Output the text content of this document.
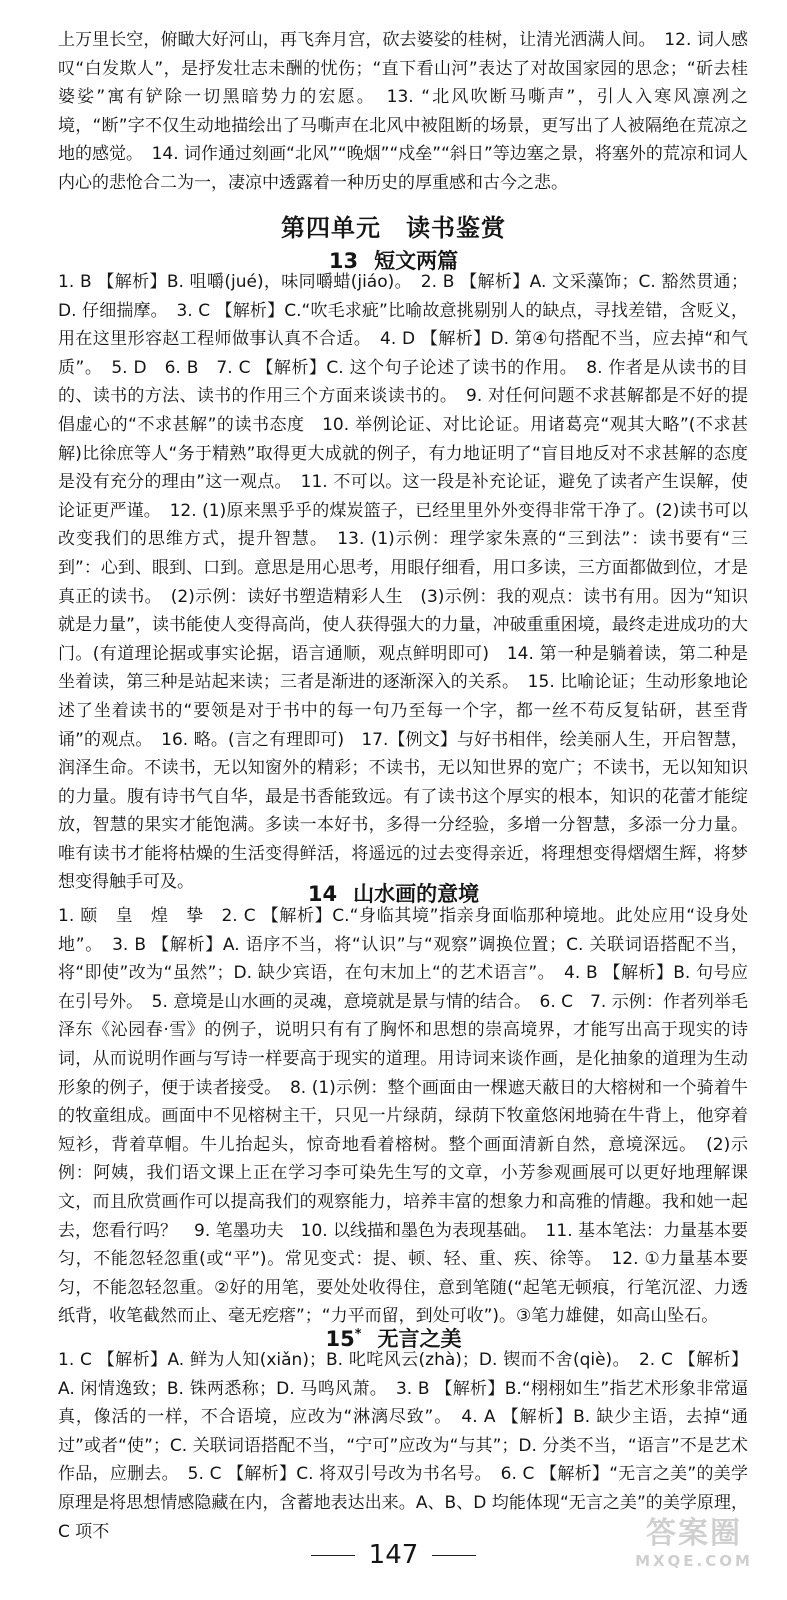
上万里长空，俯瞰大好河山，再飞奔月宫，砍去婆娑的桂树，让清光洒满人间。　12. 词人感叹“白发欺人”，是抒发壮志未酬的忧伤；“直下看山河”表达了对故国家园的思念；“斫去桂婆娑”寓有铲除一切黑暗势力的宏愿。　13. “北风吹断马嘶声”，引人入寒风凛冽之境，“断”字不仅生动地描绘出了马嘶声在北风中被阻断的场景，更写出了人被隔绝在荒凉之地的感觉。　14. 词作通过刻画“北风”“晚烟”“戍垒”“斜日”等边塞之景，将塞外的荒凉和词人内心的悲怆合二为一，凄凉中透露着一种历史的厚重感和古今之悲。
第四单元　读书鉴赏
13 短文两篇
1. B 【解析】B. 咀嚼(jué)，味同嚼蜡(jiáo)。　2. B 【解析】A. 文采藻饰；C. 豁然贯通；D. 仔细揣摩。　3. C 【解析】C.“吹毛求疵”比喻故意挑剔别人的缺点，寻找差错，含贬义，用在这里形容赵工程师做事认真不合适。　4. D 【解析】D. 第④句搭配不当，应去掉“和气质”。　5. D　6. B　7. C 【解析】C. 这个句子论述了读书的作用。　8. 作者是从读书的目的、读书的方法、读书的作用三个方面来谈读书的。　9. 对任何问题不求甚解都是不好的提倡虚心的“不求甚解”的读书态度　10. 举例论证、对比论证。用诸葛亮“观其大略”(不求甚解)比徐庶等人“务于精熟”取得更大成就的例子，有力地证明了“盲目地反对不求甚解的态度是没有充分的理由”这一观点。　11. 不可以。这一段是补充论证，避免了读者产生误解，使论证更严谨。　12. (1)原来黑乎乎的煤炭篮子，已经里里外外变得非常干净了。(2)读书可以改变我们的思维方式，提升智慧。　13. (1)示例：理学家朱熹的“三到法”：读书要有“三到”：心到、眼到、口到。意思是用心思考，用眼仔细看，用口多读，三方面都做到位，才是真正的读书。　(2)示例：读好书塑造精彩人生　(3)示例：我的观点：读书有用。因为“知识就是力量”，读书能使人变得高尚，使人获得强大的力量，冲破重重困境，最终走进成功的大门。(有道理论据或事实论据，语言通顺，观点鲜明即可)　14. 第一种是躺着读，第二种是坐着读，第三种是站起来读；三者是渐进的逐渐深入的关系。　15. 比喻论证；生动形象地论述了坐着读书的“要领是对于书中的每一句乃至每一个字，都一丝不苟反复钻研，甚至背诵”的观点。　16. 略。(言之有理即可)　17.【例文】与好书相伴，绘美丽人生，开启智慧，润泽生命。不读书，无以知窗外的精彩；不读书，无以知世界的宽广；不读书，无以知知识的力量。腹有诗书气自华，最是书香能致远。有了读书这个厚实的根本，知识的花蕾才能绽放，智慧的果实才能饱满。多读一本好书，多得一分经验，多增一分智慧，多添一分力量。唯有读书才能将枯燥的生活变得鲜活，将遥远的过去变得亲近，将理想变得熠熠生辉，将梦想变得触手可及。	14 山水画的意境
1. 颐　皇　煌　挚　2. C 【解析】C.“身临其境”指亲身面临那种境地。此处应用“设身处地”。　3. B 【解析】A. 语序不当，将“认识”与“观察”调换位置；C. 关联词语搭配不当，将“即使”改为“虽然”；D. 缺少宾语，在句末加上“的艺术语言”。　4. B 【解析】B. 句号应在引号外。　5. 意境是山水画的灵魂，意境就是景与情的结合。　6. C　7. 示例：作者列举毛泽东《沁园春·雪》的例子，说明只有有了胸怀和思想的崇高境界，才能写出高于现实的诗词，从而说明作画与写诗一样要高于现实的道理。用诗词来谈作画，是化抽象的道理为生动形象的例子，便于读者接受。　8. (1)示例：整个画面由一棵遮天蔽日的大榕树和一个骑着牛的牧童组成。画面中不见榕树主干，只见一片绿荫，绿荫下牧童悠闲地骑在牛背上，他穿着短衫，背着草帽。牛儿抬起头，惊奇地看着榕树。整个画面清新自然，意境深远。　(2)示例：阿姨，我们语文课上正在学习李可染先生写的文章，小芳参观画展可以更好地理解课文，而且欣赏画作可以提高我们的观察能力，培养丰富的想象力和高雅的情趣。我和她一起去，您看行吗？　9. 笔墨功夫　10. 以线描和墨色为表现基础。　11. 基本笔法：力量基本要匀，不能忽轻忽重(或“平”)。常见变式：提、顿、轻、重、疾、徐等。　12. ①力量基本要匀，不能忽轻忽重。②好的用笔，要处处收得住，意到笔随(“起笔无顿痕，行笔沉涩、力透纸背，收笔截然而止、毫无疙瘩”；“力平而留，到处可收”)。③笔力雄健，如高山坠石。
15* 无言之美
1. C 【解析】A. 鲜为人知(xiǎn)；B. 叱咤风云(zhà)；D. 锲而不舍(qiè)。　2. C 【解析】A. 闲情逸致；B. 铢两悉称；D. 马鸣风萧。　3. B 【解析】B.“栩栩如生”指艺术形象非常逼真，像活的一样，不合语境，应改为“淋漓尽致”。　4. A 【解析】B. 缺少主语，去掉“通过”或者“使”；C. 关联词语搭配不当，“宁可”应改为“与其”；D. 分类不当，“语言”不是艺术作品，应删去。　5. C 【解析】C. 将双引号改为书名号。　6. C 【解析】“无言之美”的美学原理是将思想情感隐藏在内，含蓄地表达出来。A、B、D 均能体现“无言之美”的美学原理，C 项不
147
答案圈
MXQE.COM
